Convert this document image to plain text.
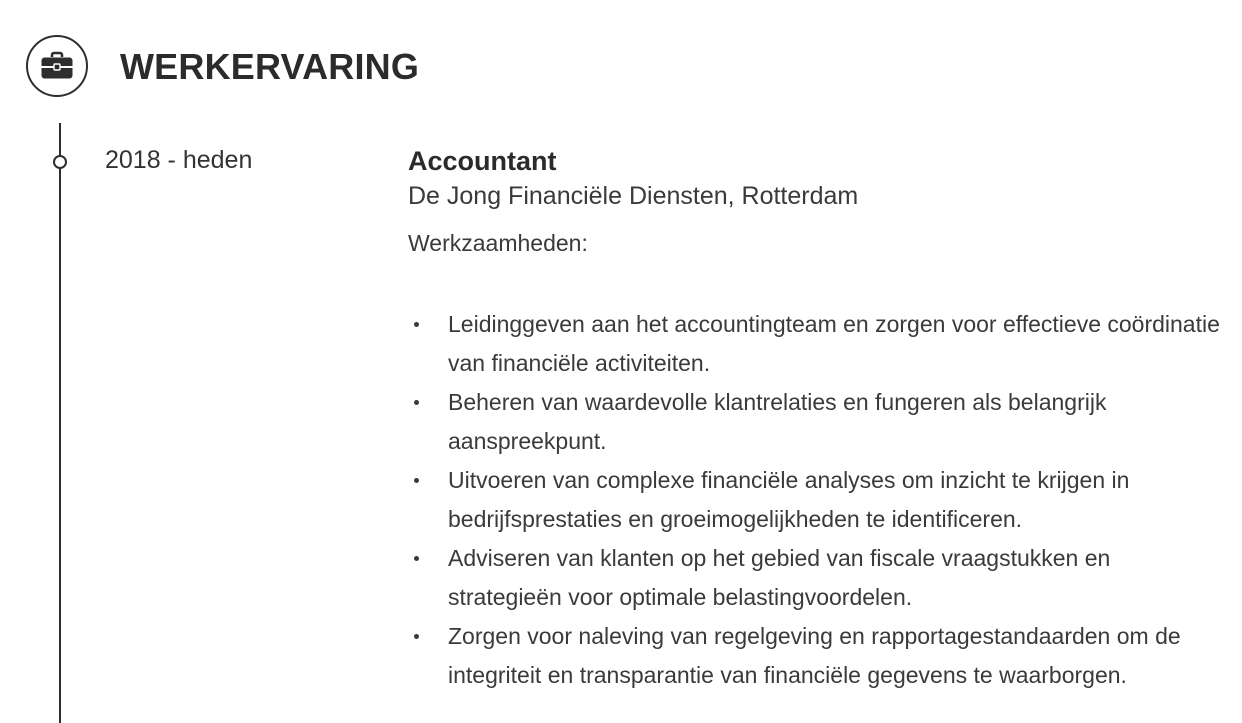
WERKERVARING
2018 - heden	Accountant
De Jong Financiële Diensten, Rotterdam
Werkzaamheden:
Leidinggeven aan het accountingteam en zorgen voor effectieve coördinatie van financiële activiteiten.
Beheren van waardevolle klantrelaties en fungeren als belangrijk aanspreekpunt.
Uitvoeren van complexe financiële analyses om inzicht te krijgen in bedrijfsprestaties en groeimogelijkheden te identificeren.
Adviseren van klanten op het gebied van fiscale vraagstukken en strategieën voor optimale belastingvoordelen.
Zorgen voor naleving van regelgeving en rapportagestandaarden om de integriteit en transparantie van financiële gegevens te waarborgen.
